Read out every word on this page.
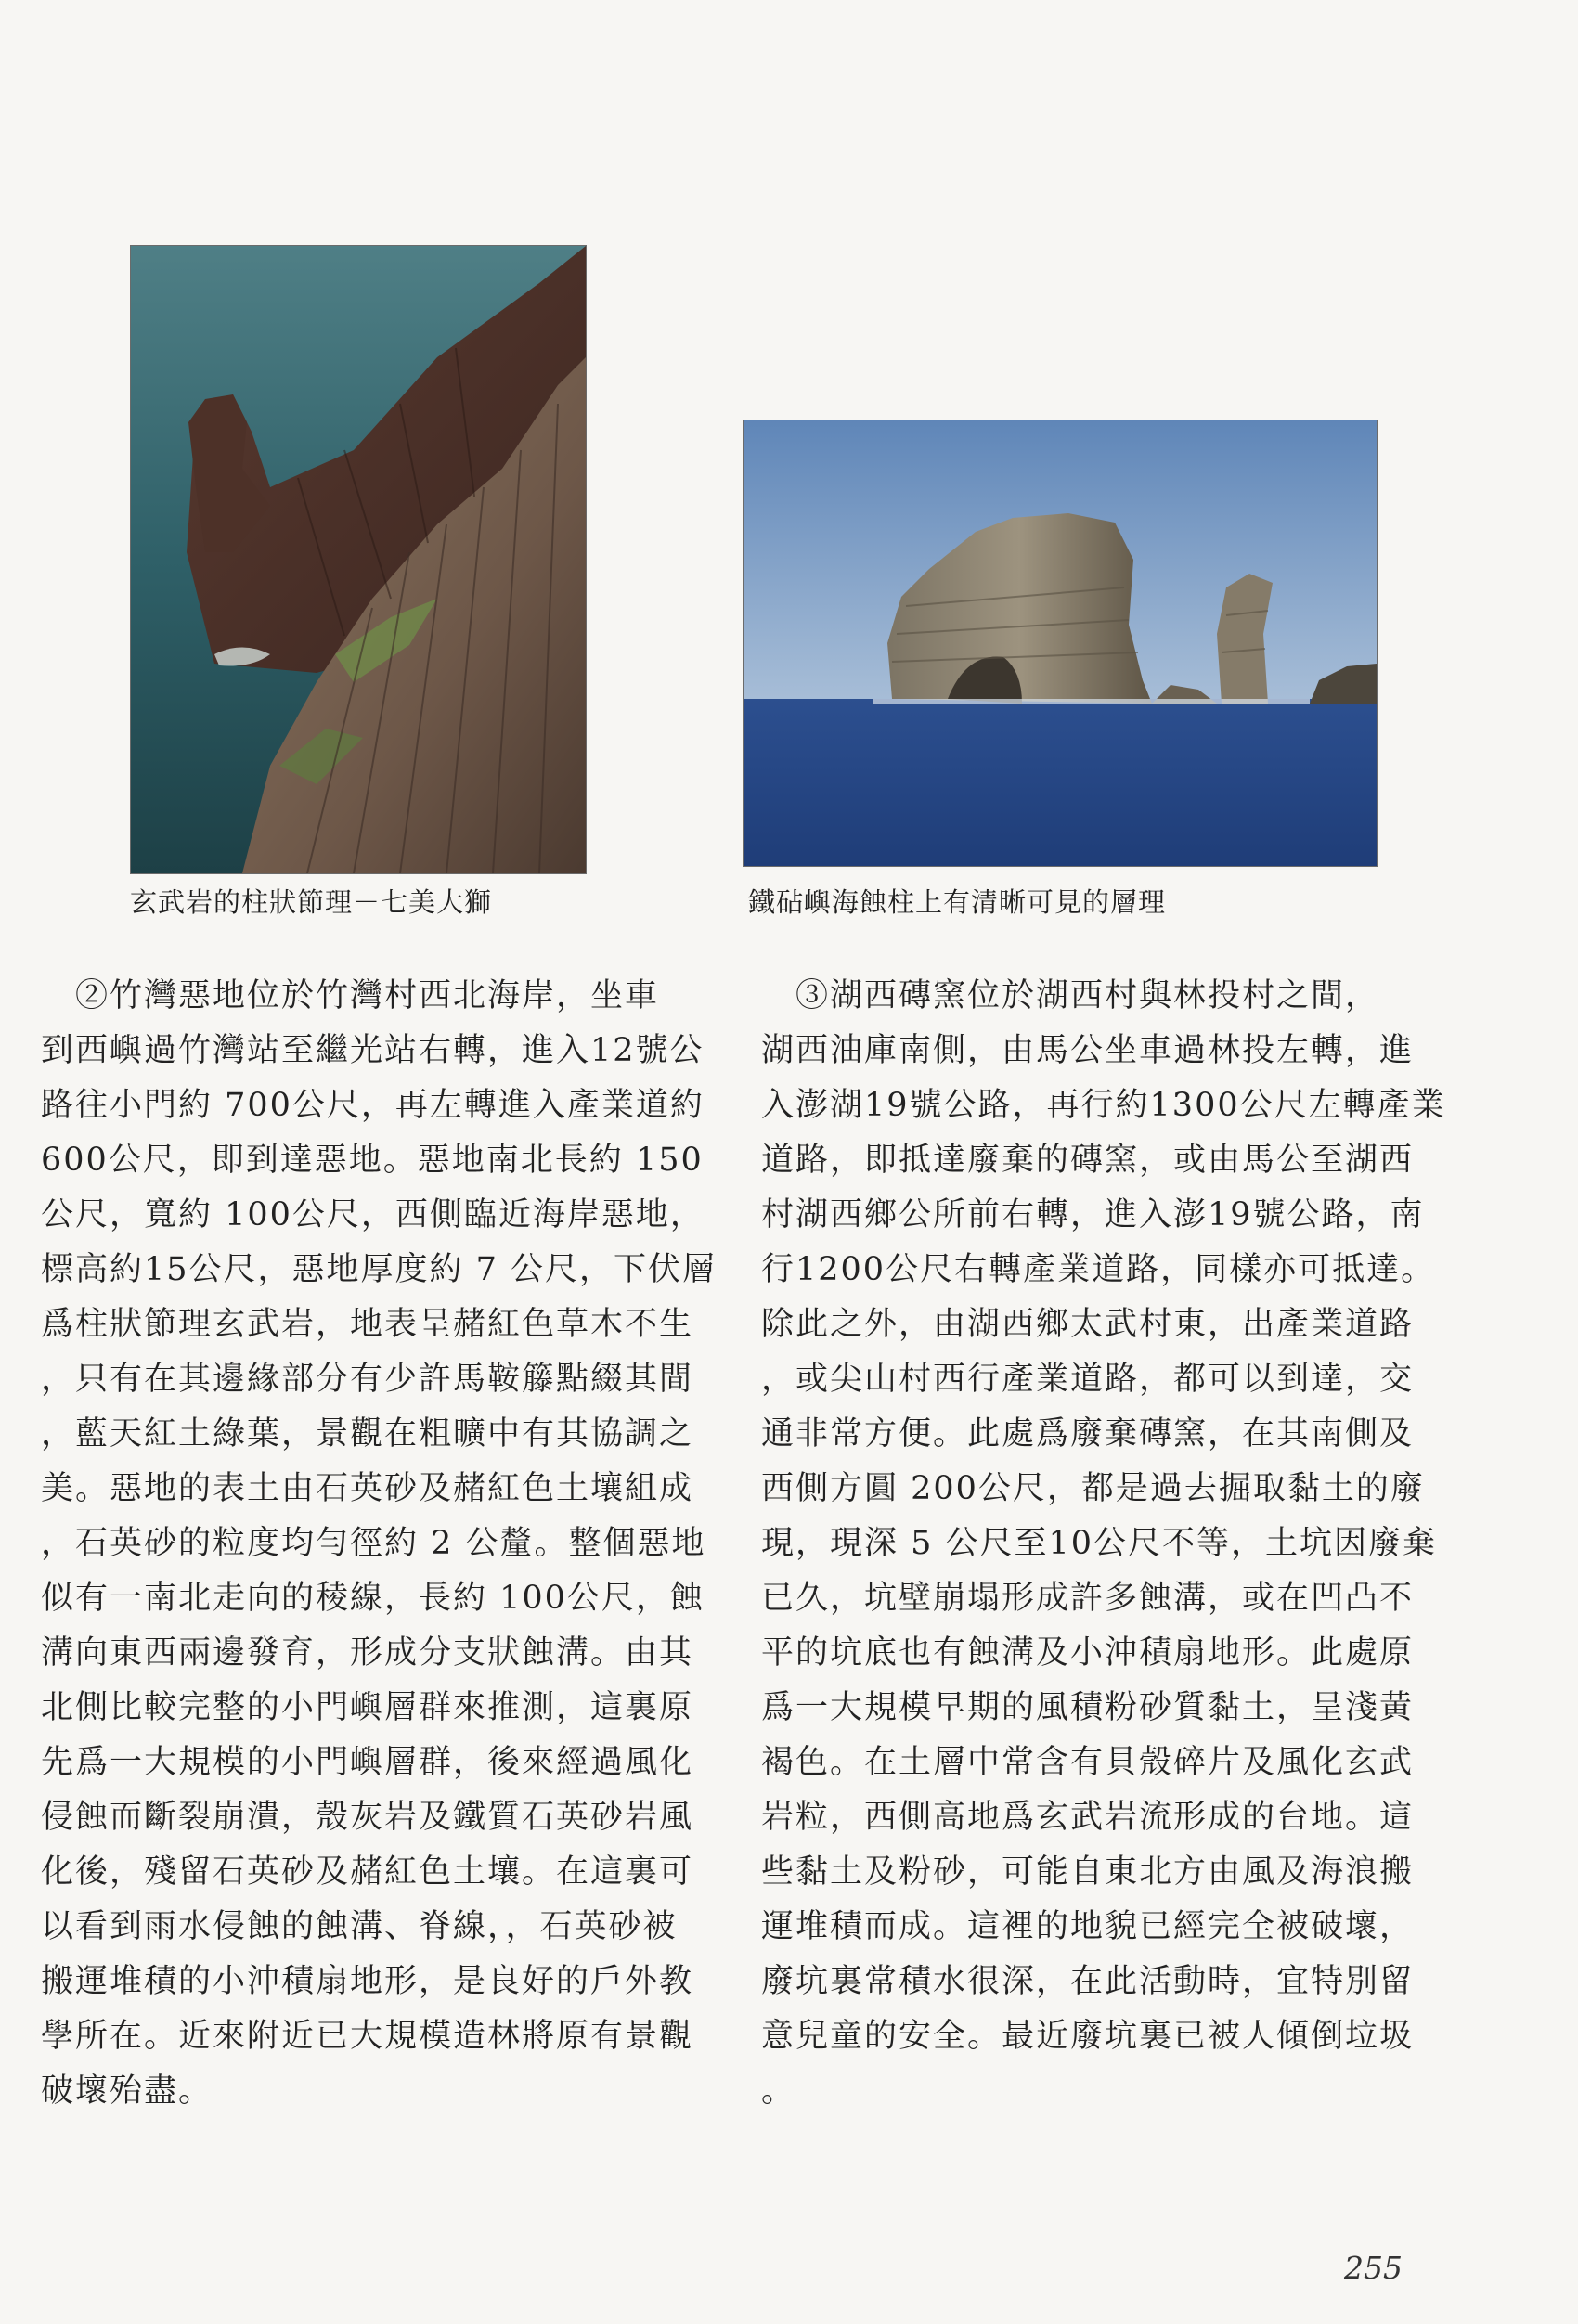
玄武岩的柱狀節理－七美大獅	鐵砧嶼海蝕柱上有清晰可見的層理

　②竹灣惡地位於竹灣村西北海岸，坐車

到西嶼過竹灣站至繼光站右轉，進入12號公

路往小門約 700公尺，再左轉進入產業道約

600公尺，即到達惡地。惡地南北長約 150

公尺，寬約 100公尺，西側臨近海岸惡地，

標高約15公尺，惡地厚度約 7 公尺，下伏層

爲柱狀節理玄武岩，地表呈赭紅色草木不生

，只有在其邊緣部分有少許馬鞍籐點綴其間

，藍天紅土綠葉，景觀在粗曠中有其協調之

美。惡地的表土由石英砂及赭紅色土壤組成

，石英砂的粒度均勻徑約 2 公釐。整個惡地

似有一南北走向的稜線，長約 100公尺，蝕

溝向東西兩邊發育，形成分支狀蝕溝。由其

北側比較完整的小門嶼層群來推測，這裏原

先爲一大規模的小門嶼層群，後來經過風化

侵蝕而斷裂崩潰，殼灰岩及鐵質石英砂岩風

化後，殘留石英砂及赭紅色土壤。在這裏可

以看到雨水侵蝕的蝕溝、脊線，，石英砂被

搬運堆積的小沖積扇地形，是良好的戶外教

學所在。近來附近已大規模造林將原有景觀

破壞殆盡。

　③湖西磚窯位於湖西村與林投村之間，

湖西油庫南側，由馬公坐車過林投左轉，進

入澎湖19號公路，再行約1300公尺左轉產業

道路，即抵達廢棄的磚窯，或由馬公至湖西

村湖西鄉公所前右轉，進入澎19號公路，南

行1200公尺右轉產業道路，同樣亦可抵達。

除此之外，由湖西鄉太武村東，出產業道路

，或尖山村西行產業道路，都可以到達，交

通非常方便。此處爲廢棄磚窯，在其南側及

西側方圓 200公尺，都是過去掘取黏土的廢

現，現深 5 公尺至10公尺不等，土坑因廢棄

已久，坑壁崩塌形成許多蝕溝，或在凹凸不

平的坑底也有蝕溝及小沖積扇地形。此處原

爲一大規模早期的風積粉砂質黏土，呈淺黃

褐色。在土層中常含有貝殼碎片及風化玄武

岩粒，西側高地爲玄武岩流形成的台地。這

些黏土及粉砂，可能自東北方由風及海浪搬

運堆積而成。這裡的地貌已經完全被破壞，

廢坑裏常積水很深，在此活動時，宜特別留

意兒童的安全。最近廢坑裏已被人傾倒垃圾

。

255
